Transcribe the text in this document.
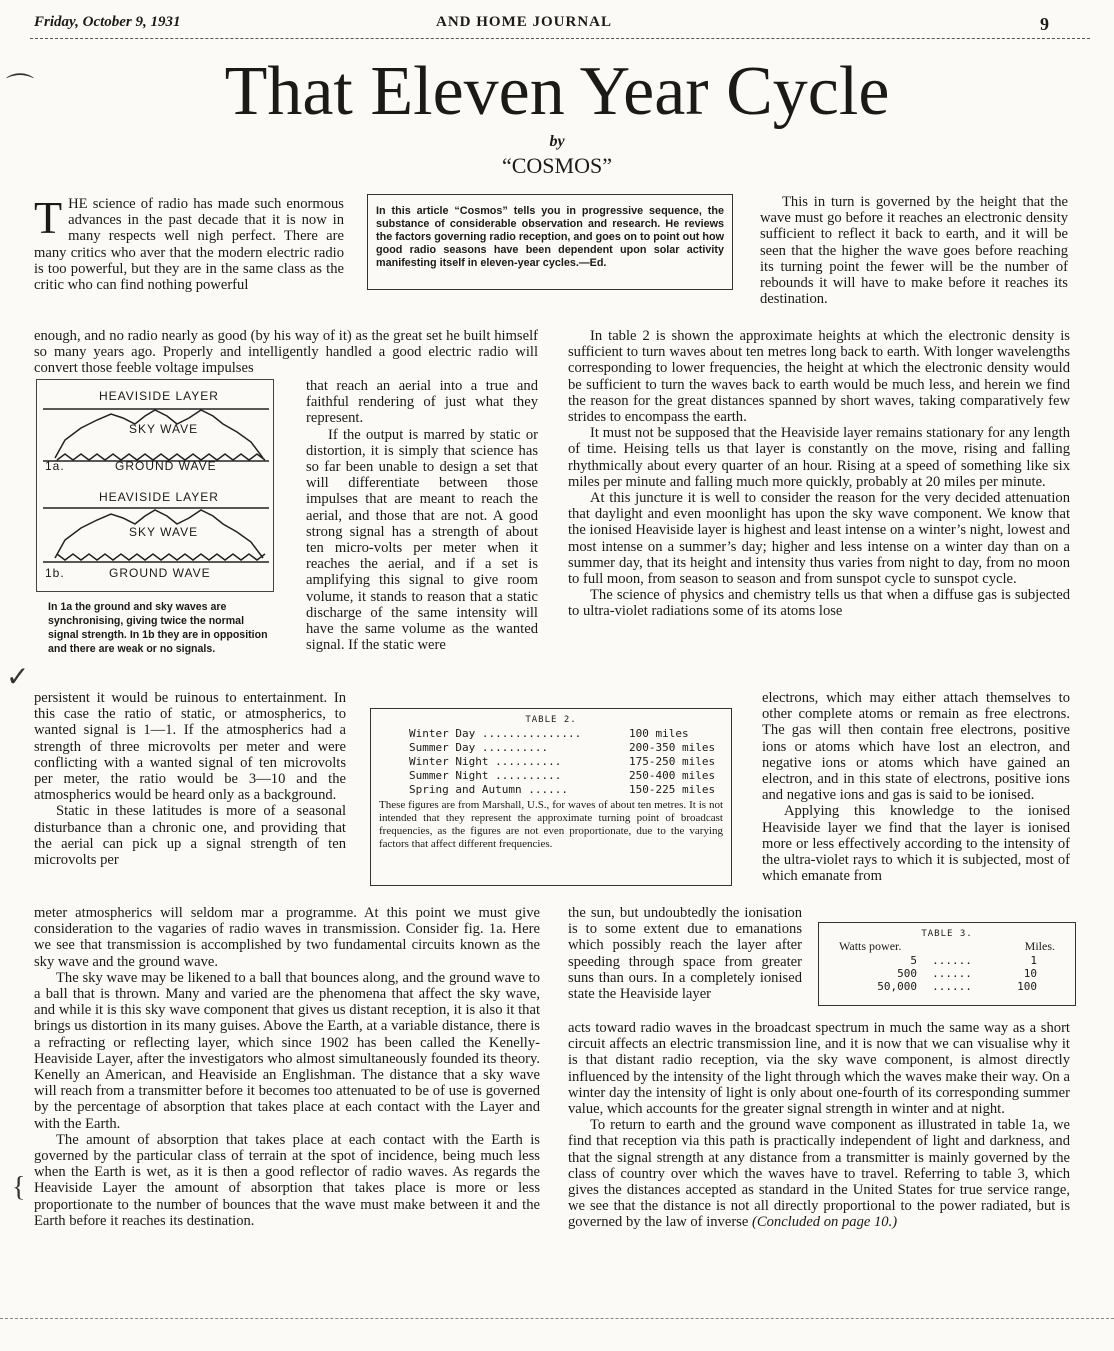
Friday, October 9, 1931	AND HOME JOURNAL	9
⌒	That Eleven Year Cycle
by
“COSMOS”
In this article “Cosmos” tells you in progressive sequence, the substance of considerable observation and research. He reviews the factors governing radio reception, and goes on to point out how good radio seasons have been dependent upon solar activity manifesting itself in eleven-year cycles.—Ed.

THE science of radio has made such enormous advances in the past decade that it is now in many respects well nigh perfect. There are many critics who aver that the modern electric radio is too powerful, but they are in the same class as the critic who can find nothing powerful

enough, and no radio nearly as good (by his way of it) as the great set he built himself so many years ago. Properly and intelligently handled a good electric radio will convert those feeble voltage impulses

HEAVISIDE LAYER
SKY WAVE
1a.	GROUND WAVE
HEAVISIDE LAYER
SKY WAVE
1b.	GROUND WAVE
In 1a the ground and sky waves are synchronising, giving twice the normal signal strength. In 1b they are in opposition and there are weak or no signals.
✓

that reach an aerial into a true and faithful rendering of just what they represent.

If the output is marred by static or distortion, it is simply that science has so far been unable to design a set that will differentiate between those impulses that are meant to reach the aerial, and those that are not. A good strong signal has a strength of about ten micro-volts per meter when it reaches the aerial, and if a set is amplifying this signal to give room volume, it stands to reason that a static discharge of the same intensity will have the same volume as the wanted signal. If the static were

persistent it would be ruinous to entertainment. In this case the ratio of static, or atmospherics, to wanted signal is 1—1. If the atmospherics had a strength of three microvolts per meter and were conflicting with a wanted signal of ten microvolts per meter, the ratio would be 3—10 and the atmospherics would be heard only as a background.

Static in these latitudes is more of a seasonal disturbance than a chronic one, and providing that the aerial can pick up a signal strength of ten microvolts per

TABLE 2.
Winter Day ...............	100 miles
Summer Day ..........	200-350 miles
Winter Night ..........	175-250 miles
Summer Night ..........	250-400 miles
Spring and Autumn ......	150-225 miles
These figures are from Marshall, U.S., for waves of about ten metres. It is not intended that they represent the approximate turning point of broadcast frequencies, as the figures are not even proportionate, due to the varying factors that affect different frequencies.

meter atmospherics will seldom mar a programme. At this point we must give consideration to the vagaries of radio waves in transmission. Consider fig. 1a. Here we see that transmission is accomplished by two fundamental circuits known as the sky wave and the ground wave.

The sky wave may be likened to a ball that bounces along, and the ground wave to a ball that is thrown. Many and varied are the phenomena that affect the sky wave, and while it is this sky wave component that gives us distant reception, it is also it that brings us distortion in its many guises. Above the Earth, at a variable distance, there is a refracting or reflecting layer, which since 1902 has been called the Kenelly-Heaviside Layer, after the investigators who almost simultaneously founded its theory. Kenelly an American, and Heaviside an Englishman. The distance that a sky wave will reach from a transmitter before it becomes too attenuated to be of use is governed by the percentage of absorption that takes place at each contact with the Layer and with the Earth.

The amount of absorption that takes place at each contact with the Earth is governed by the particular class of terrain at the spot of incidence, being much less when the Earth is wet, as it is then a good reflector of radio waves. As regards the Heaviside Layer the amount of absorption that takes place is more or less proportionate to the number of bounces that the wave must make between it and the Earth before it reaches its destination.

This in turn is governed by the height that the wave must go before it reaches an electronic density sufficient to reflect it back to earth, and it will be seen that the higher the wave goes before reaching its turning point the fewer will be the number of rebounds it will have to make before it reaches its destination.

In table 2 is shown the approximate heights at which the electronic density is sufficient to turn waves about ten metres long back to earth. With longer wavelengths corresponding to lower frequencies, the height at which the electronic density would be sufficient to turn the waves back to earth would be much less, and herein we find the reason for the great distances spanned by short waves, taking comparatively few strides to encompass the earth.

It must not be supposed that the Heaviside layer remains stationary for any length of time. Heising tells us that layer is constantly on the move, rising and falling rhythmically about every quarter of an hour. Rising at a speed of something like six miles per minute and falling much more quickly, probably at 20 miles per minute.

At this juncture it is well to consider the reason for the very decided attenuation that daylight and even moonlight has upon the sky wave component. We know that the ionised Heaviside layer is highest and least intense on a winter’s night, lowest and most intense on a summer’s day; higher and less intense on a winter day than on a summer day, that its height and intensity thus varies from night to day, from no moon to full moon, from season to season and from sunspot cycle to sunspot cycle.

The science of physics and chemistry tells us that when a diffuse gas is subjected to ultra-violet radiations some of its atoms lose

electrons, which may either attach themselves to other complete atoms or remain as free electrons. The gas will then contain free electrons, positive ions or atoms which have lost an electron, and negative ions or atoms which have gained an electron, and in this state of electrons, positive ions and negative ions and gas is said to be ionised.

Applying this knowledge to the ionised Heaviside layer we find that the layer is ionised more or less effectively according to the intensity of the ultra-violet rays to which it is subjected, most of which emanate from

the sun, but undoubtedly the ionisation is to some extent due to emanations which possibly reach the layer after speeding through space from greater suns than ours. In a completely ionised state the Heaviside layer

TABLE 3.
Watts power.	Miles.
5	......	1
500	......	10
50,000	......	100

acts toward radio waves in the broadcast spectrum in much the same way as a short circuit affects an electric transmission line, and it is now that we can visualise why it is that distant radio reception, via the sky wave component, is almost directly influenced by the intensity of the light through which the waves make their way. On a winter day the intensity of light is only about one-fourth of its corresponding summer value, which accounts for the greater signal strength in winter and at night.

To return to earth and the ground wave component as illustrated in table 1a, we find that reception via this path is practically independent of light and darkness, and that the signal strength at any distance from a transmitter is mainly governed by the class of country over which the waves have to travel. Referring to table 3, which gives the distances accepted as standard in the United States for true service range, we see that the distance is not all directly proportional to the power radiated, but is governed by the law of inverse (Concluded on page 10.)

{
